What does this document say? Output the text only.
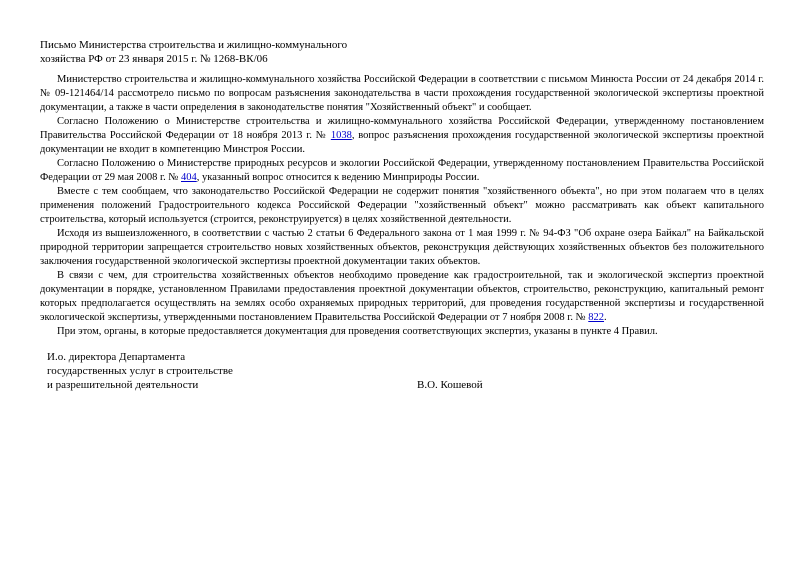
Письмо Министерства строительства и жилищно-коммунального
хозяйства РФ от 23 января 2015 г. № 1268-ВК/06

Министерство строительства и жилищно-коммунального хозяйства Российской Федерации в соответствии с письмом Минюста России от 24 декабря 2014 г. № 09-121464/14 рассмотрело письмо по вопросам разъяснения законодательства в части прохождения государственной экологической экспертизы проектной документации, а также в части определения в законодательстве понятия "Хозяйственный объект" и сообщает.

Согласно Положению о Министерстве строительства и жилищно-коммунального хозяйства Российской Федерации, утвержденному постановлением Правительства Российской Федерации от 18 ноября 2013 г. № 1038, вопрос разъяснения прохождения государственной экологической экспертизы проектной документации не входит в компетенцию Минстроя России.

Согласно Положению о Министерстве природных ресурсов и экологии Российской Федерации, утвержденному постановлением Правительства Российской Федерации от 29 мая 2008 г. № 404, указанный вопрос относится к ведению Минприроды России.

Вместе с тем сообщаем, что законодательство Российской Федерации не содержит понятия "хозяйственного объекта", но при этом полагаем что в целях применения положений Градостроительного кодекса Российской Федерации "хозяйственный объект" можно рассматривать как объект капитального строительства, который используется (строится, реконструируется) в целях хозяйственной деятельности.

Исходя из вышеизложенного, в соответствии с частью 2 статьи 6 Федерального закона от 1 мая 1999 г. № 94-ФЗ "Об охране озера Байкал" на Байкальской природной территории запрещается строительство новых хозяйственных объектов, реконструкция действующих хозяйственных объектов без положительного заключения государственной экологической экспертизы проектной документации таких объектов.

В связи с чем, для строительства хозяйственных объектов необходимо проведение как градостроительной, так и экологической экспертиз проектной документации в порядке, установленном Правилами предоставления проектной документации объектов, строительство, реконструкцию, капитальный ремонт которых предполагается осуществлять на землях особо охраняемых природных территорий, для проведения государственной экспертизы и государственной экологической экспертизы, утвержденными постановлением Правительства Российской Федерации от 7 ноября 2008 г. № 822.

При этом, органы, в которые предоставляется документация для проведения соответствующих экспертиз, указаны в пункте 4 Правил.

И.о. директора Департамента
государственных услуг в строительстве
и разрешительной деятельности	В.О. Кошевой
